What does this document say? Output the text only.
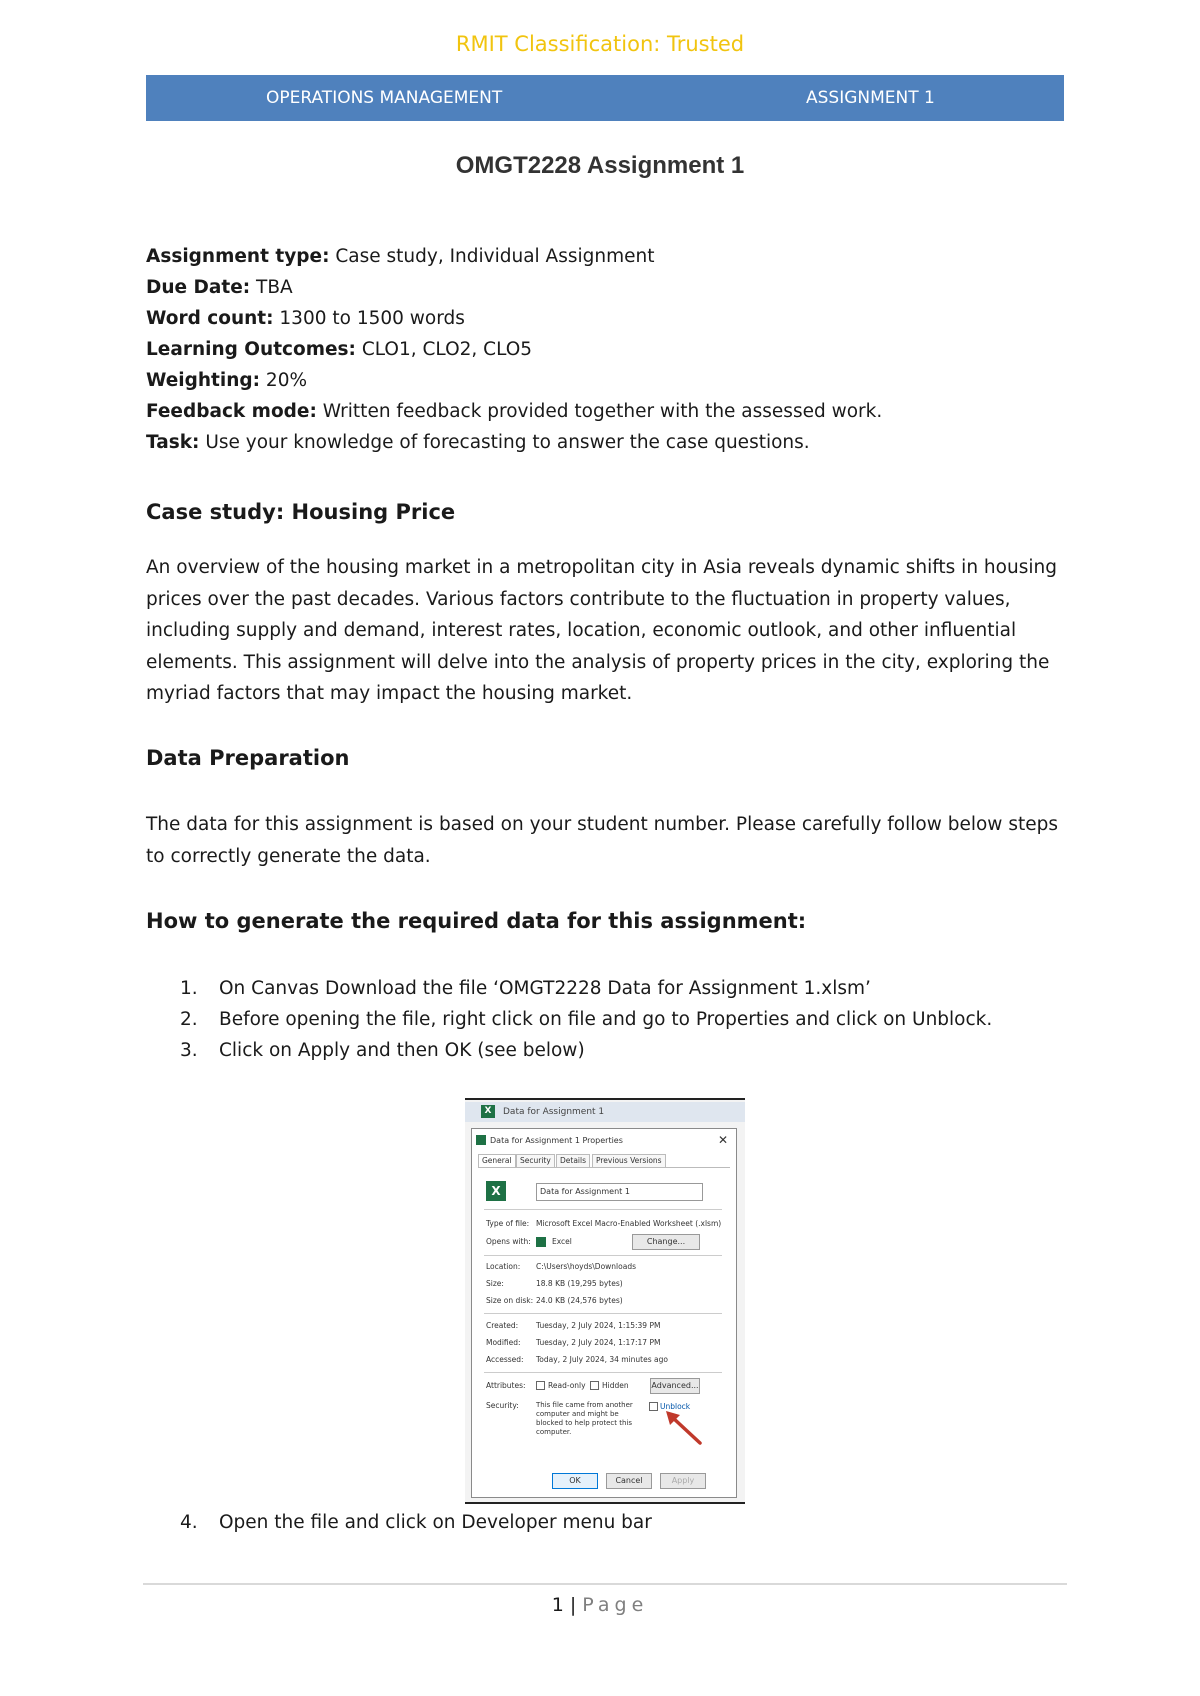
RMIT Classification: Trusted
OPERATIONS MANAGEMENT	ASSIGNMENT 1
OMGT2228 Assignment 1
Assignment type: Case study, Individual Assignment
Due Date: TBA
Word count: 1300 to 1500 words
Learning Outcomes: CLO1, CLO2, CLO5
Weighting: 20%
Feedback mode: Written feedback provided together with the assessed work.
Task: Use your knowledge of forecasting to answer the case questions.
Case study: Housing Price

An overview of the housing market in a metropolitan city in Asia reveals dynamic shifts in housing prices over the past decades. Various factors contribute to the fluctuation in property values, including supply and demand, interest rates, location, economic outlook, and other influential elements. This assignment will delve into the analysis of property prices in the city, exploring the myriad factors that may impact the housing market.

Data Preparation

The data for this assignment is based on your student number. Please carefully follow below steps to correctly generate the data.

How to generate the required data for this assignment:
1. On Canvas Download the file ‘OMGT2228 Data for Assignment 1.xlsm’
2. Before opening the file, right click on file and go to Properties and click on Unblock.
3. Click on Apply and then OK (see below)
4. Open the file and click on Developer menu bar
X	Data for Assignment 1
Data for Assignment 1 Properties	✕
General	Security	Details	Previous Versions
X	Data for Assignment 1
Type of file: Microsoft Excel Macro-Enabled Worksheet (.xlsm)
Opens with:	Excel	Change...
Location: C:\Users\hoyds\Downloads
Size:	18.8 KB (19,295 bytes)
Size on disk: 24.0 KB (24,576 bytes)
Created: Tuesday, 2 July 2024, 1:15:39 PM
Modified: Tuesday, 2 July 2024, 1:17:17 PM
Accessed: Today, 2 July 2024, 34 minutes ago
Attributes:	Read-only Hidden	Advanced...
Security: This file came from another computer and might be blocked to help protect this computer.
Unblock
OK	Cancel	Apply
1 | Page
